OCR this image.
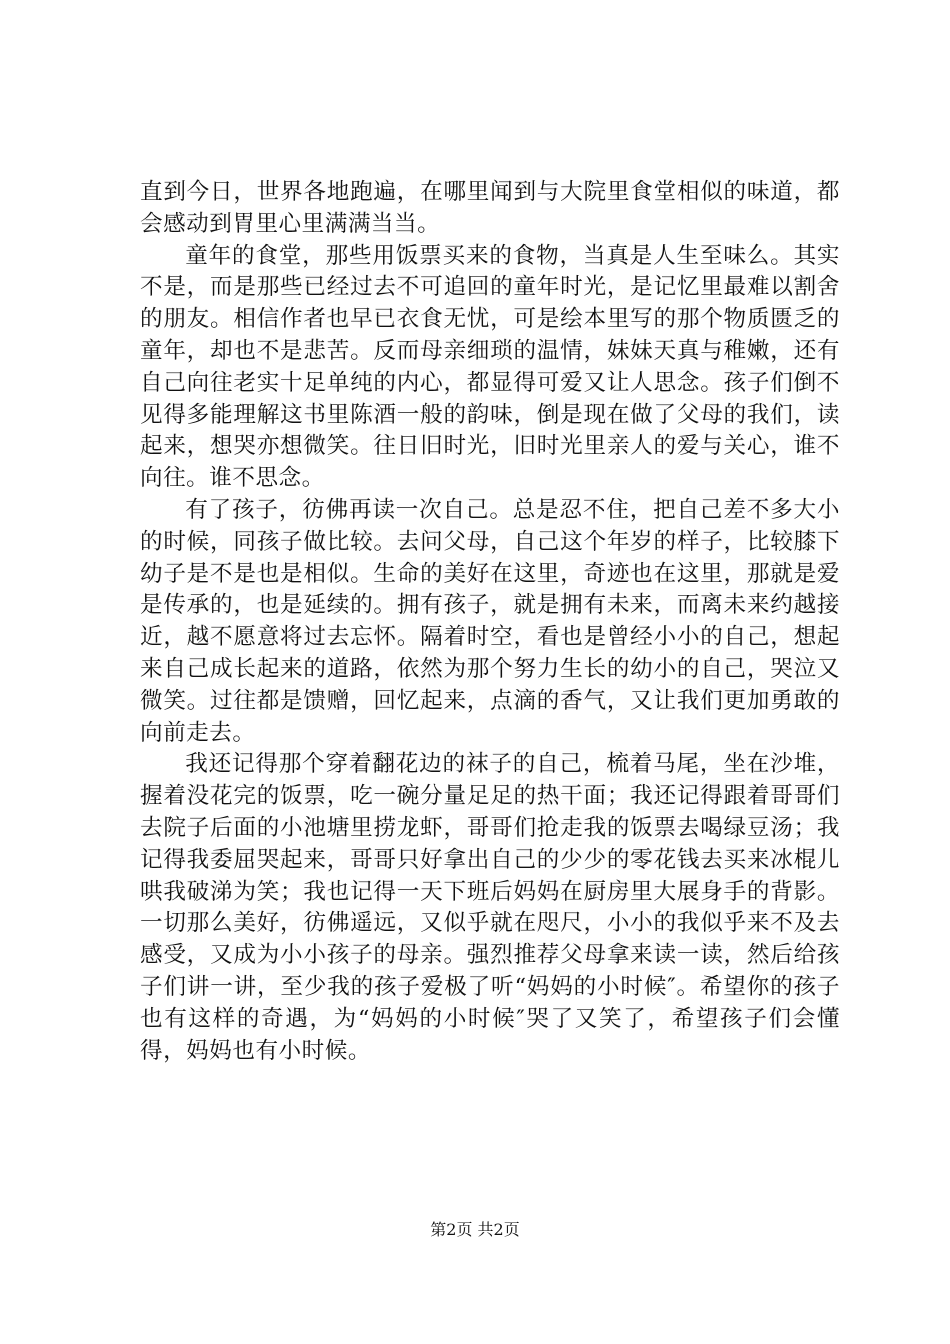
直到今日，世界各地跑遍，在哪里闻到与大院里食堂相似的味道，都会感动到胃里心里满满当当。

童年的食堂，那些用饭票买来的食物，当真是人生至味么。其实不是，而是那些已经过去不可追回的童年时光，是记忆里最难以割舍的朋友。相信作者也早已衣食无忧，可是绘本里写的那个物质匮乏的童年，却也不是悲苦。反而母亲细琐的温情，妹妹天真与稚嫩，还有自己向往老实十足单纯的内心，都显得可爱又让人思念。孩子们倒不见得多能理解这书里陈酒一般的韵味，倒是现在做了父母的我们，读起来，想哭亦想微笑。往日旧时光，旧时光里亲人的爱与关心，谁不向往。谁不思念。

有了孩子，彷佛再读一次自己。总是忍不住，把自己差不多大小的时候，同孩子做比较。去问父母，自己这个年岁的样子，比较膝下幼子是不是也是相似。生命的美好在这里，奇迹也在这里，那就是爱是传承的，也是延续的。拥有孩子，就是拥有未来，而离未来约越接近，越不愿意将过去忘怀。隔着时空，看也是曾经小小的自己，想起来自己成长起来的道路，依然为那个努力生长的幼小的自己，哭泣又微笑。过往都是馈赠，回忆起来，点滴的香气，又让我们更加勇敢的向前走去。

我还记得那个穿着翻花边的袜子的自己，梳着马尾，坐在沙堆，握着没花完的饭票，吃一碗分量足足的热干面；我还记得跟着哥哥们去院子后面的小池塘里捞龙虾，哥哥们抢走我的饭票去喝绿豆汤；我记得我委屈哭起来，哥哥只好拿出自己的少少的零花钱去买来冰棍儿哄我破涕为笑；我也记得一天下班后妈妈在厨房里大展身手的背影。一切那么美好，彷佛遥远，又似乎就在咫尺，小小的我似乎来不及去感受，又成为小小孩子的母亲。强烈推荐父母拿来读一读，然后给孩子们讲一讲，至少我的孩子爱极了听“妈妈的小时候″。希望你的孩子也有这样的奇遇，为“妈妈的小时候″哭了又笑了，希望孩子们会懂得，妈妈也有小时候。

第2页 共2页
